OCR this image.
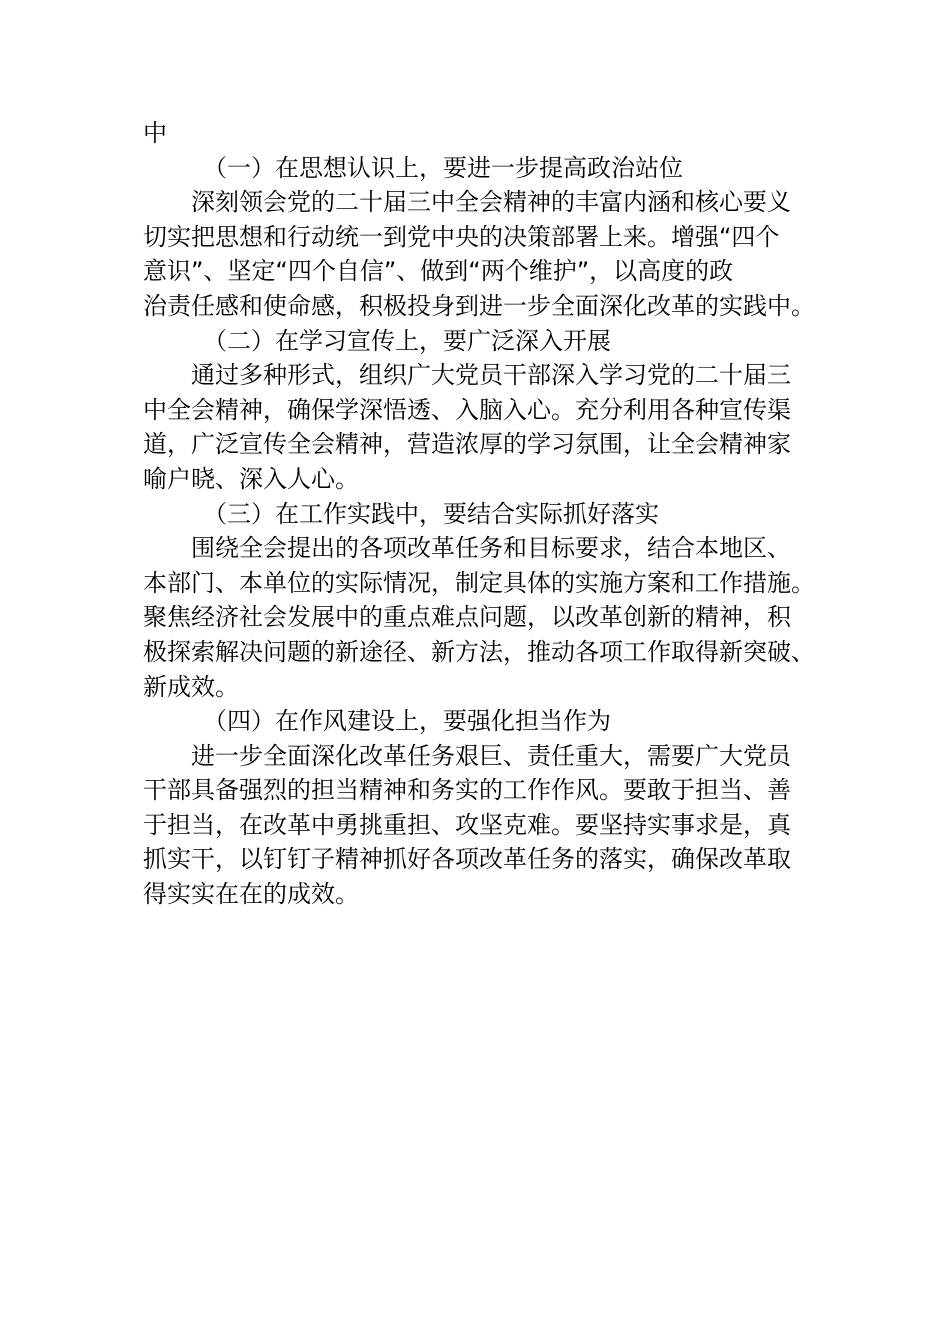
中

（一）在思想认识上，要进一步提高政治站位

深刻领会党的二十届三中全会精神的丰富内涵和核心要义

切实把思想和行动统一到党中央的决策部署上来。增强“四个

意识”、坚定“四个自信”、做到“两个维护”，以高度的政

治责任感和使命感，积极投身到进一步全面深化改革的实践中。

（二）在学习宣传上，要广泛深入开展

通过多种形式，组织广大党员干部深入学习党的二十届三

中全会精神，确保学深悟透、入脑入心。充分利用各种宣传渠

道，广泛宣传全会精神，营造浓厚的学习氛围，让全会精神家

喻户晓、深入人心。

（三）在工作实践中，要结合实际抓好落实

围绕全会提出的各项改革任务和目标要求，结合本地区、

本部门、本单位的实际情况，制定具体的实施方案和工作措施。

聚焦经济社会发展中的重点难点问题，以改革创新的精神，积

极探索解决问题的新途径、新方法，推动各项工作取得新突破、

新成效。

（四）在作风建设上，要强化担当作为

进一步全面深化改革任务艰巨、责任重大，需要广大党员

干部具备强烈的担当精神和务实的工作作风。要敢于担当、善

于担当，在改革中勇挑重担、攻坚克难。要坚持实事求是，真

抓实干，以钉钉子精神抓好各项改革任务的落实，确保改革取

得实实在在的成效。
